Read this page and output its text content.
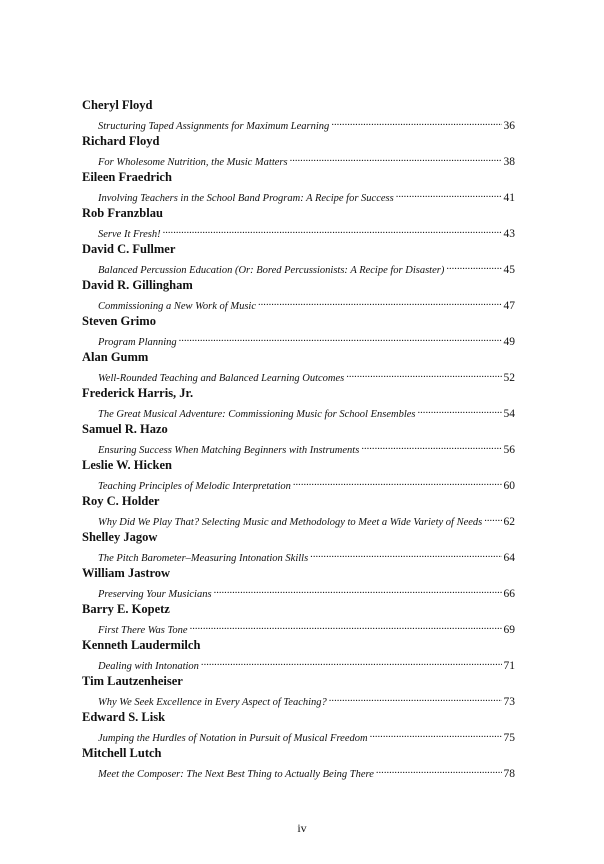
Cheryl Floyd
Structuring Taped Assignments for Maximum Learning . . .	36
Richard Floyd
For Wholesome Nutrition, the Music Matters . . .	38
Eileen Fraedrich
Involving Teachers in the School Band Program: A Recipe for Success . . .	41
Rob Franzblau
Serve It Fresh! . . .	43
David C. Fullmer
Balanced Percussion Education (Or: Bored Percussionists: A Recipe for Disaster) . . .	45
David R. Gillingham
Commissioning a New Work of Music . . .	47
Steven Grimo
Program Planning . . .	49
Alan Gumm
Well-Rounded Teaching and Balanced Learning Outcomes . . .	52
Frederick Harris, Jr.
The Great Musical Adventure: Commissioning Music for School Ensembles . . .	54
Samuel R. Hazo
Ensuring Success When Matching Beginners with Instruments . . .	56
Leslie W. Hicken
Teaching Principles of Melodic Interpretation . . .	60
Roy C. Holder
Why Did We Play That? Selecting Music and Methodology to Meet a Wide Variety of Needs . . . 62
Shelley Jagow
The Pitch Barometer–Measuring Intonation Skills . . .	64
William Jastrow
Preserving Your Musicians . . .	66
Barry E. Kopetz
First There Was Tone . . .	69
Kenneth Laudermilch
Dealing with Intonation . . .	71
Tim Lautzenheiser
Why We Seek Excellence in Every Aspect of Teaching? . . .	73
Edward S. Lisk
Jumping the Hurdles of Notation in Pursuit of Musical Freedom . . .	75
Mitchell Lutch
Meet the Composer: The Next Best Thing to Actually Being There . . .	78
iv
